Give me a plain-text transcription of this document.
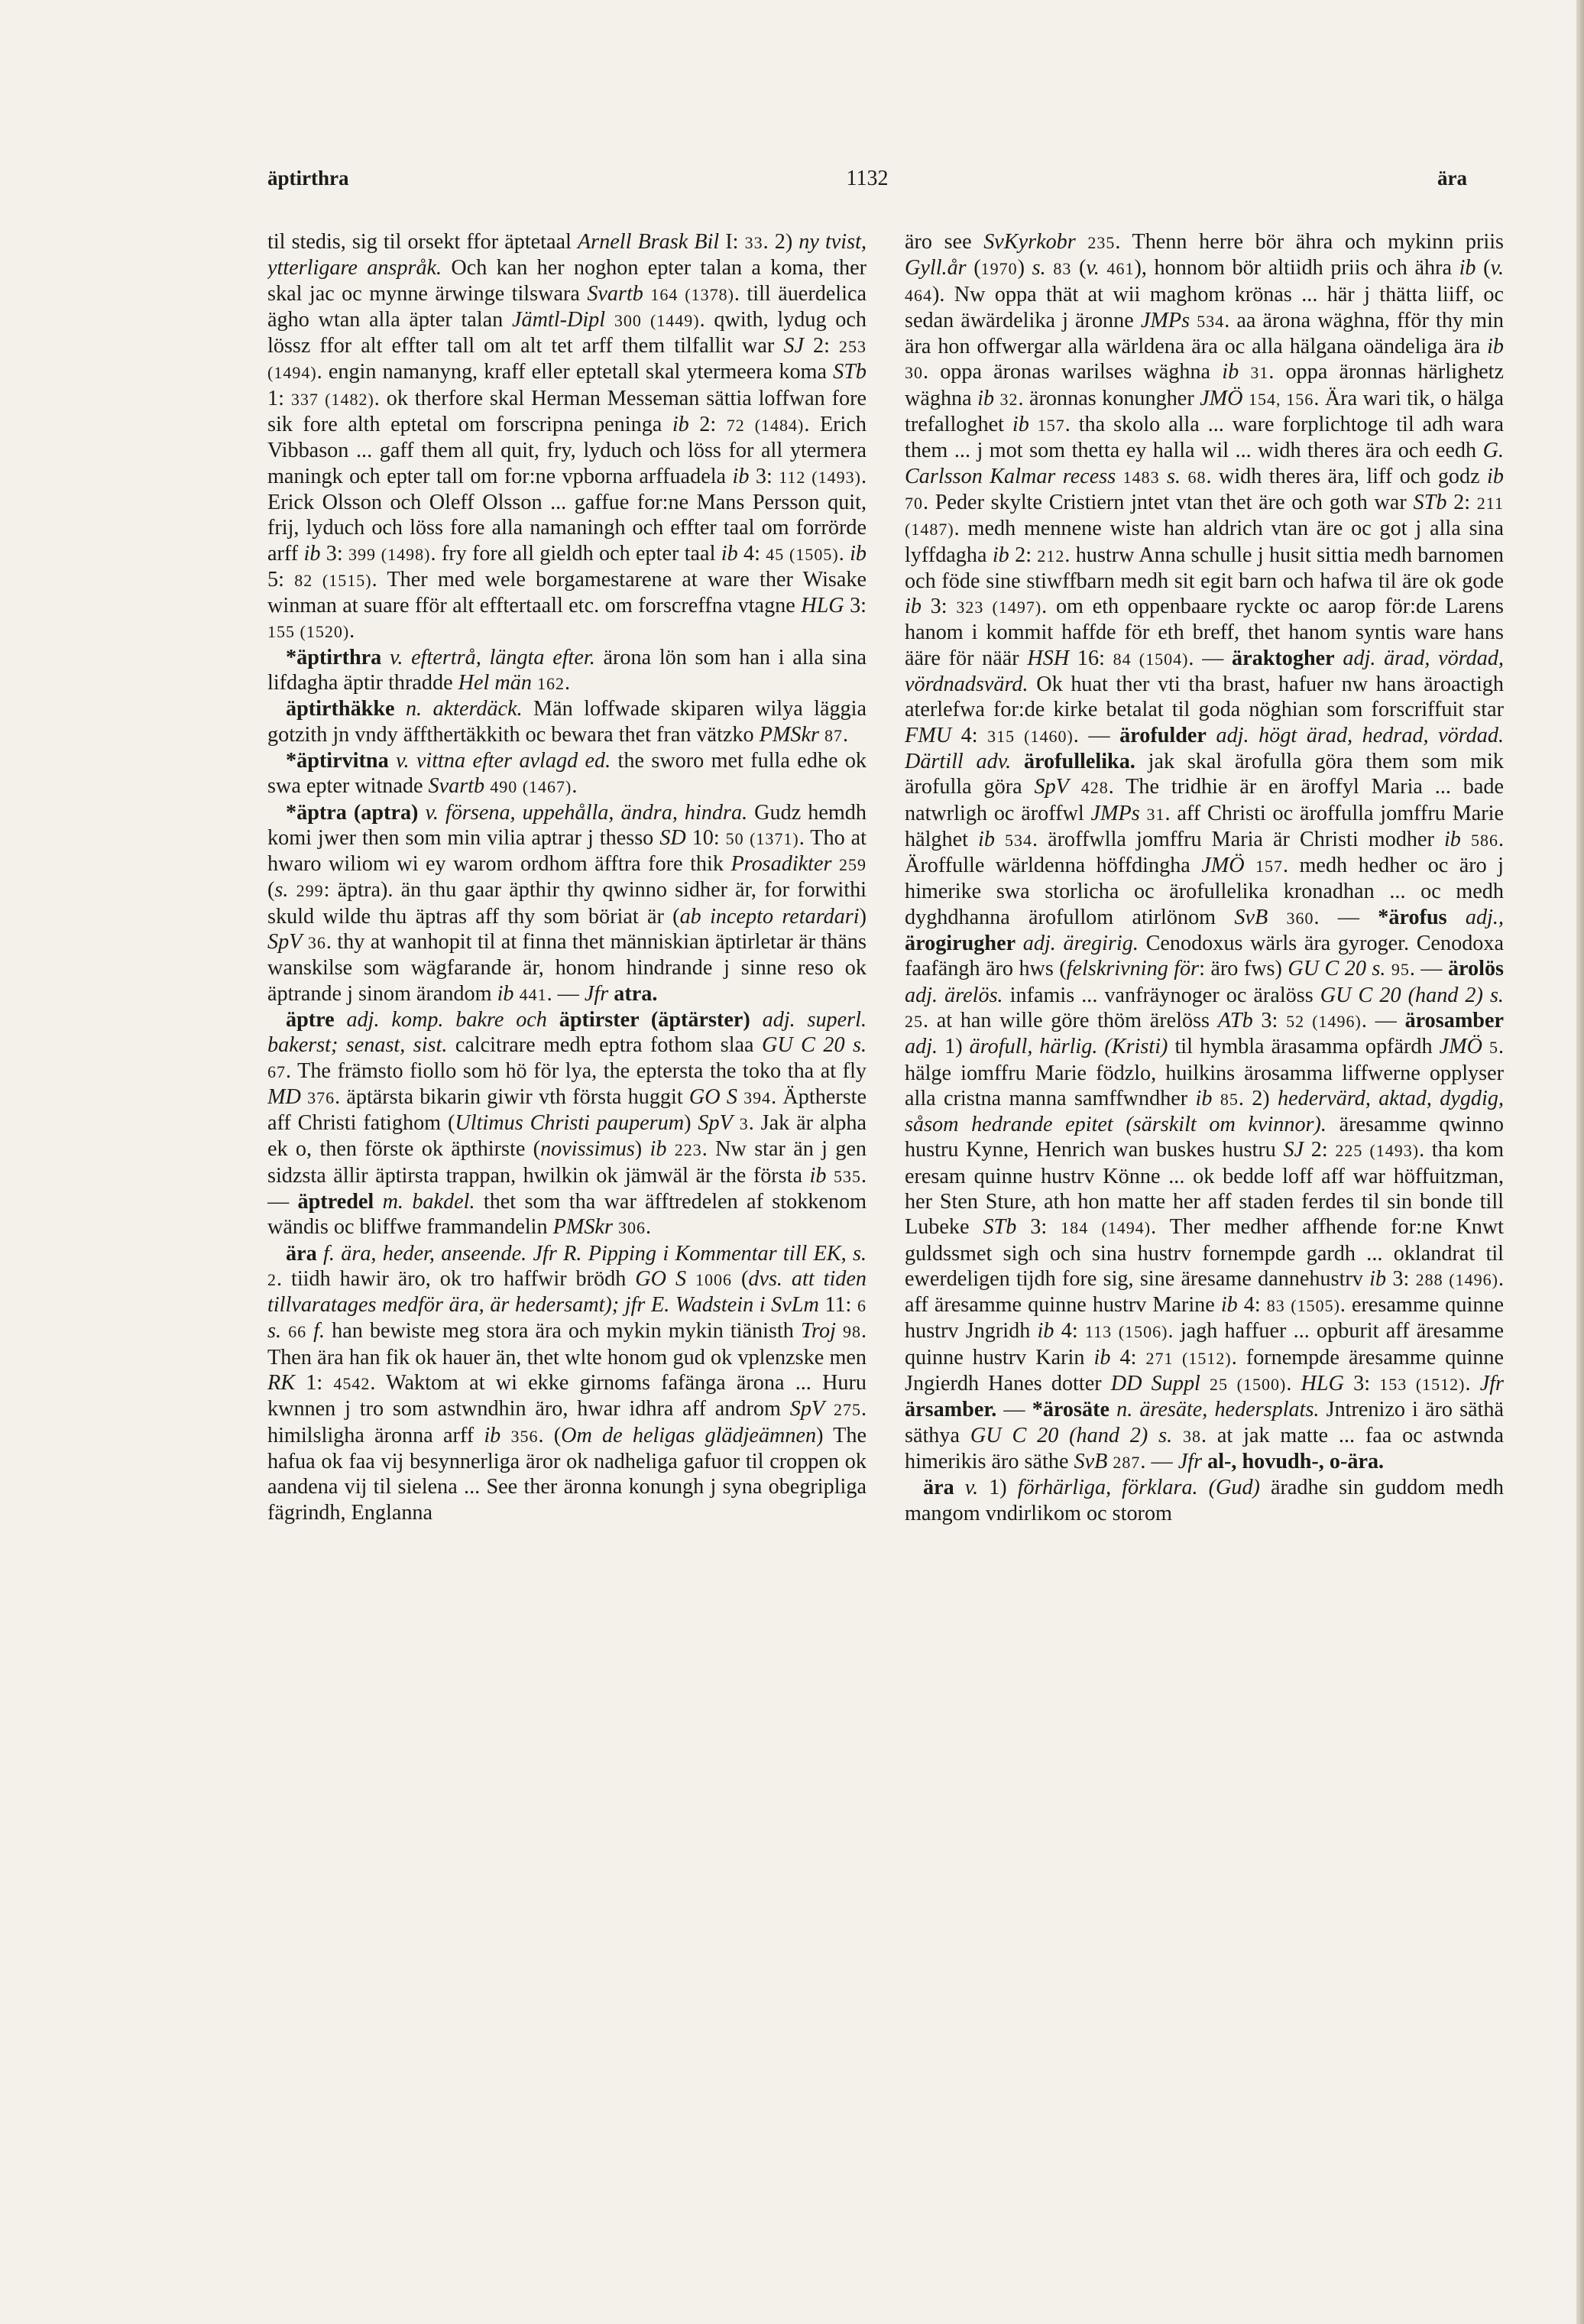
äptirthra	1132	ära

til stedis, sig til orsekt ffor äptetaal Arnell Brask Bil I: 33. 2) ny tvist, ytterligare anspråk. Och kan her noghon epter talan a koma, ther skal jac oc mynne ärwinge tilswara Svartb 164 (1378). till äuerdelica ägho wtan alla äpter talan Jämtl-Dipl 300 (1449). qwith, lydug och lössz ffor alt effter tall om alt tet arff them tilfallit war SJ 2: 253 (1494). engin namanyng, kraff eller eptetall skal ytermeera koma STb 1: 337 (1482). ok therfore skal Herman Messeman sättia loffwan fore sik fore alth eptetal om forscripna peninga ib 2: 72 (1484). Erich Vibbason ... gaff them all quit, fry, lyduch och löss for all ytermera maningk och epter tall om for:ne vpborna arffuadela ib 3: 112 (1493). Erick Olsson och Oleff Olsson ... gaffue for:ne Mans Persson quit, frij, lyduch och löss fore alla namaningh och effter taal om forrörde arff ib 3: 399 (1498). fry fore all gieldh och epter taal ib 4: 45 (1505). ib 5: 82 (1515). Ther med wele borgamestarene at ware ther Wisake winman at suare fför alt efftertaall etc. om forscreffna vtagne HLG 3: 155 (1520).

*äptirthra v. eftertrå, längta efter. ärona lön som han i alla sina lifdagha äptir thradde Hel män 162.

äptirthäkke n. akterdäck. Män loffwade skiparen wilya läggia gotzith jn vndy äffthertäkkith oc bewara thet fran vätzko PMSkr 87.

*äptirvitna v. vittna efter avlagd ed. the sworo met fulla edhe ok swa epter witnade Svartb 490 (1467).

*äptra (aptra) v. försena, uppehålla, ändra, hindra. Gudz hemdh komi jwer then som min vilia aptrar j thesso SD 10: 50 (1371). Tho at hwaro wiliom wi ey warom ordhom äfftra fore thik Prosadikter 259 (s. 299: äptra). än thu gaar äpthir thy qwinno sidher är, for forwithi skuld wilde thu äptras aff thy som böriat är (ab incepto retardari) SpV 36. thy at wanhopit til at finna thet människian äptirletar är thäns wanskilse som wägfarande är, honom hindrande j sinne reso ok äptrande j sinom ärandom ib 441. — Jfr atra.

äptre adj. komp. bakre och äptirster (äptärster) adj. superl. bakerst; senast, sist. calcitrare medh eptra fothom slaa GU C 20 s. 67. The främsto fiollo som hö för lya, the eptersta the toko tha at fly MD 376. äptärsta bikarin giwir vth första huggit GO S 394. Äptherste aff Christi fatighom (Ultimus Christi pauperum) SpV 3. Jak är alpha ek o, then förste ok äpthirste (novissimus) ib 223. Nw star än j gen sidzsta ällir äptirsta trappan, hwilkin ok jämwäl är the första ib 535. — äptredel m. bakdel. thet som tha war äfftredelen af stokkenom wändis oc bliffwe frammandelin PMSkr 306.

ära f. ära, heder, anseende. Jfr R. Pipping i Kommentar till EK, s. 2. tiidh hawir äro, ok tro haffwir brödh GO S 1006 (dvs. att tiden tillvaratages medför ära, är hedersamt); jfr E. Wadstein i SvLm 11: 6 s. 66 f. han bewiste meg stora ära och mykin mykin tiänisth Troj 98. Then ära han fik ok hauer än, thet wlte honom gud ok vplenzske men RK 1: 4542. Waktom at wi ekke girnoms fafänga ärona ... Huru kwnnen j tro som astwndhin äro, hwar idhra aff androm SpV 275. himilsligha äronna arff ib 356. (Om de heligas glädjeämnen) The hafua ok faa vij besynnerliga äror ok nadheliga gafuor til croppen ok aandena vij til sielena ... See ther äronna konungh j syna obegripliga fägrindh, Englanna

äro see SvKyrkobr 235. Thenn herre bör ährа och mykinn priis Gyll.år (1970) s. 83 (v. 461), honnom bör altiidh priis och ährа ib (v. 464). Nw oppa thät at wii maghom krönas ... här j thätta liiff, oc sedan äwärdelika j äronne JMPs 534. aa ärona wäghna, fför thy min ära hon offwergar alla wärldena ära oc alla hälgana oändeliga ära ib 30. oppa äronas warilses wäghna ib 31. oppa äronnas härlighetz wäghna ib 32. äronnas konungher JMÖ 154, 156. Ära wari tik, o hälga trefalloghet ib 157. tha skolo alla ... ware forplichtoge til adh wara them ... j mot som thetta ey halla wil ... widh theres ära och eedh G. Carlsson Kalmar recess 1483 s. 68. widh theres ära, liff och godz ib 70. Peder skylte Cristiern jntet vtan thet äre och goth war STb 2: 211 (1487). medh mennene wiste han aldrich vtan äre oc got j alla sina lyffdagha ib 2: 212. hustrw Anna schulle j husit sittia medh barnomen och föde sine stiwffbarn medh sit egit barn och hafwa til äre ok gode ib 3: 323 (1497). om eth oppenbaare ryckte oc aarop för:de Larens hanom i kommit haffde för eth breff, thet hanom syntis ware hans ääre för näär HSH 16: 84 (1504). — äraktogher adj. ärad, vördad, vördnadsvärd. Ok huat ther vti tha brast, hafuer nw hans äroactigh aterlefwa for:de kirke betalat til goda nöghian som forscriffuit star FMU 4: 315 (1460). — ärofulder adj. högt ärad, hedrad, vördad. Därtill adv. ärofullelika. jak skal ärofulla göra them som mik ärofulla göra SpV 428. The tridhie är en äroffyl Maria ... bade natwrligh oc äroffwl JMPs 31. aff Christi oc äroffulla jomffru Marie hälghet ib 534. äroffwlla jomffru Maria är Christi modher ib 586. Äroffulle wärldenna höffdingha JMÖ 157. medh hedher oc äro j himerike swa storlicha oc ärofullelika kronadhan ... oc medh dyghdhanna ärofullom atirlönom SvB 360. — *ärofus adj., ärogirugher adj. äregirig. Cenodoxus wärls ära gyroger. Cenodoxa faafängh äro hws (felskrivning för: äro fws) GU C 20 s. 95. — ärolös adj. ärelös. infamis ... vanfräynoger oc äralöss GU C 20 (hand 2) s. 25. at han wille göre thöm ärelöss ATb 3: 52 (1496). — ärosamber adj. 1) ärofull, härlig. (Kristi) til hymbla ärasamma opfärdh JMÖ 5. hälge iomffru Marie födzlo, huilkins ärosamma liffwerne opplyser alla cristna manna samffwndher ib 85. 2) hedervärd, aktad, dygdig, såsom hedrande epitet (särskilt om kvinnor). äresamme qwinno hustru Kynne, Henrich wan buskes hustru SJ 2: 225 (1493). tha kom eresam quinne hustrv Könne ... ok bedde loff aff war höffuitzman, her Sten Sture, ath hon matte her aff staden ferdes til sin bonde till Lubeke STb 3: 184 (1494). Ther medher affhende for:ne Knwt guldssmet sigh och sina hustrv fornempde gardh ... oklandrat til ewerdeligen tijdh fore sig, sine äresame dannehustrv ib 3: 288 (1496). aff äresamme quinne hustrv Marine ib 4: 83 (1505). eresamme quinne hustrv Jngridh ib 4: 113 (1506). jagh haffuer ... opburit aff äresamme quinne hustrv Karin ib 4: 271 (1512). fornempde äresamme quinne Jngierdh Hanes dotter DD Suppl 25 (1500). HLG 3: 153 (1512). Jfr ärsamber. — *ärosäte n. äresäte, hedersplats. Jntrenizo i äro säthä säthya GU C 20 (hand 2) s. 38. at jak matte ... faa oc astwnda himerikis äro säthe SvB 287. — Jfr al-, hovudh-, o-ära.

ära v. 1) förhärliga, förklara. (Gud) äradhe sin guddom medh mangom vndirlikom oc storom
